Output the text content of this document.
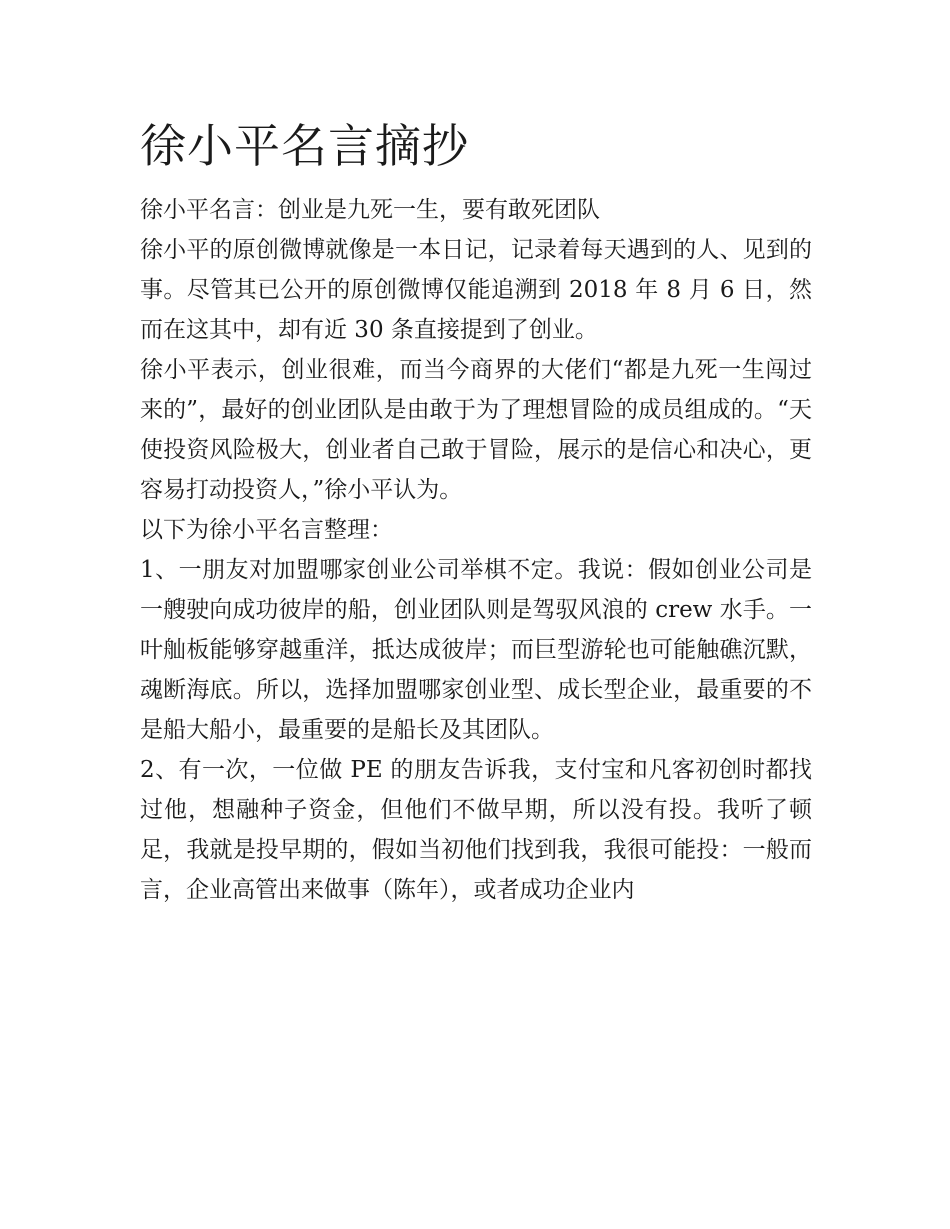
徐小平名言摘抄

徐小平名言：创业是九死一生，要有敢死团队

徐小平的原创微博就像是一本日记，记录着每天遇到的人、见到的事。尽管其已公开的原创微博仅能追溯到 2018 年 8 月 6 日，然而在这其中，却有近 30 条直接提到了创业。

徐小平表示，创业很难，而当今商界的大佬们“都是九死一生闯过来的”，最好的创业团队是由敢于为了理想冒险的成员组成的。“天使投资风险极大，创业者自己敢于冒险，展示的是信心和决心，更容易打动投资人，”徐小平认为。

以下为徐小平名言整理：

1、一朋友对加盟哪家创业公司举棋不定。我说：假如创业公司是一艘驶向成功彼岸的船，创业团队则是驾驭风浪的 crew 水手。一叶舢板能够穿越重洋，抵达成彼岸；而巨型游轮也可能触礁沉默，魂断海底。所以，选择加盟哪家创业型、成长型企业，最重要的不是船大船小，最重要的是船长及其团队。

2、有一次，一位做 PE 的朋友告诉我，支付宝和凡客初创时都找过他，想融种子资金，但他们不做早期，所以没有投。我听了顿足，我就是投早期的，假如当初他们找到我，我很可能投：一般而言，企业高管出来做事（陈年），或者成功企业内
